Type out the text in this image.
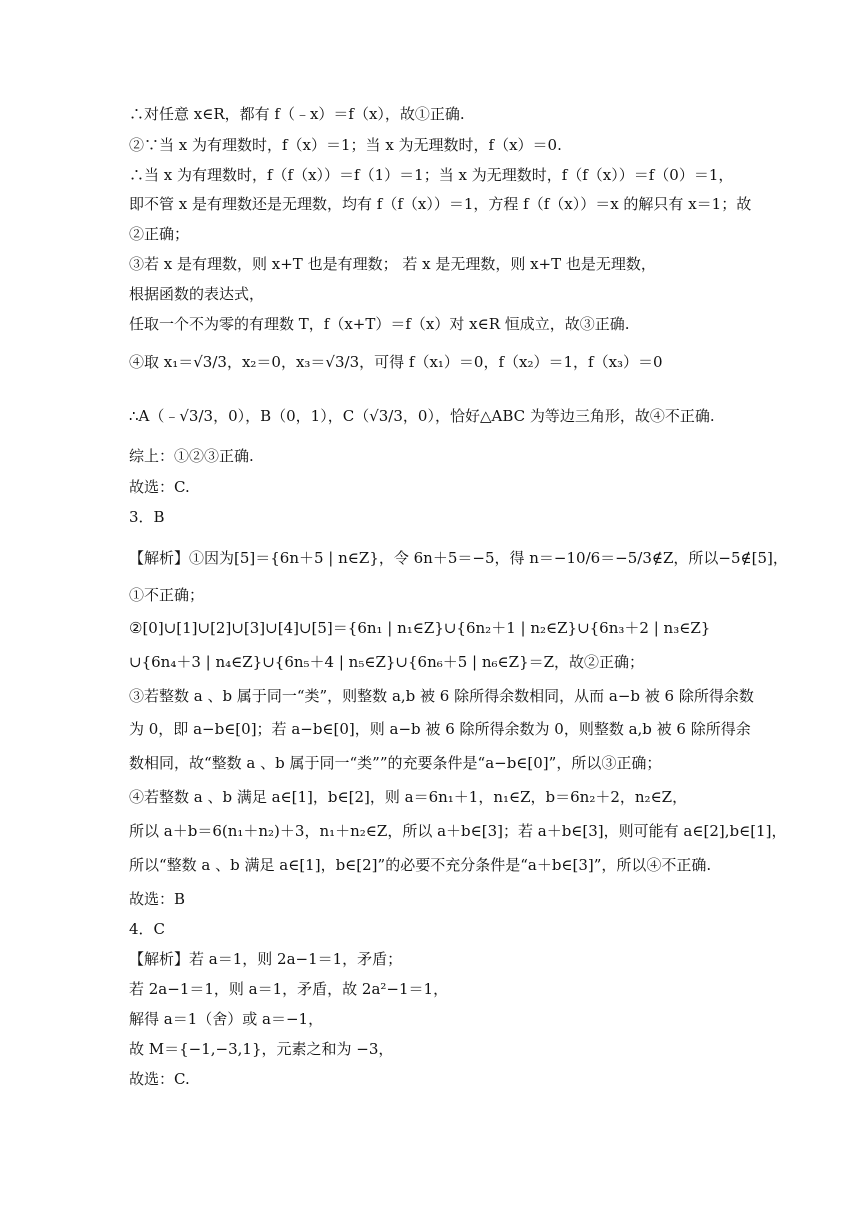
∴对任意 x∈R，都有 f（﹣x）＝f（x），故①正确.
②∵当 x 为有理数时，f（x）＝1；当 x 为无理数时，f（x）＝0.
∴当 x 为有理数时，f（f（x））＝f（1）＝1；当 x 为无理数时，f（f（x））＝f（0）＝1，
即不管 x 是有理数还是无理数，均有 f（f（x））＝1，方程 f（f（x））＝x 的解只有 x＝1；故
②正确；
③若 x 是有理数，则 x+T 也是有理数； 若 x 是无理数，则 x+T 也是无理数，
根据函数的表达式，
任取一个不为零的有理数 T，f（x+T）＝f（x）对 x∈R 恒成立，故③正确.
④取 x₁＝√3/3，x₂＝0，x₃＝√3/3，可得 f（x₁）＝0，f（x₂）＝1，f（x₃）＝0
∴A（﹣√3/3，0），B（0，1），C（√3/3，0），恰好△ABC 为等边三角形，故④不正确.
综上：①②③正确.
故选：C.
3．B
【解析】①因为[5]＝{6n＋5 | n∈Z}，令 6n＋5＝−5，得 n＝−10/6＝−5/3∉Z，所以−5∉[5]，
①不正确；
②[0]∪[1]∪[2]∪[3]∪[4]∪[5]＝{6n₁ | n₁∈Z}∪{6n₂＋1 | n₂∈Z}∪{6n₃＋2 | n₃∈Z}
∪{6n₄＋3 | n₄∈Z}∪{6n₅＋4 | n₅∈Z}∪{6n₆＋5 | n₆∈Z}＝Z，故②正确；
③若整数 a 、b 属于同一“类”，则整数 a,b 被 6 除所得余数相同，从而 a−b 被 6 除所得余数
为 0，即 a−b∈[0]；若 a−b∈[0]，则 a−b 被 6 除所得余数为 0，则整数 a,b 被 6 除所得余
数相同，故“整数 a 、b 属于同一“类””的充要条件是“a−b∈[0]”，所以③正确；
④若整数 a 、b 满足 a∈[1]，b∈[2]，则 a＝6n₁＋1，n₁∈Z，b＝6n₂＋2，n₂∈Z，
所以 a＋b＝6(n₁＋n₂)＋3，n₁＋n₂∈Z，所以 a＋b∈[3]；若 a＋b∈[3]，则可能有 a∈[2],b∈[1]，
所以“整数 a 、b 满足 a∈[1]，b∈[2]”的必要不充分条件是“a＋b∈[3]”，所以④不正确.
故选：B
4．C
【解析】若 a＝1，则 2a−1＝1，矛盾；
若 2a−1＝1，则 a＝1，矛盾，故 2a²−1＝1，
解得 a＝1（舍）或 a＝−1，
故 M＝{−1,−3,1}，元素之和为 −3，
故选：C.
